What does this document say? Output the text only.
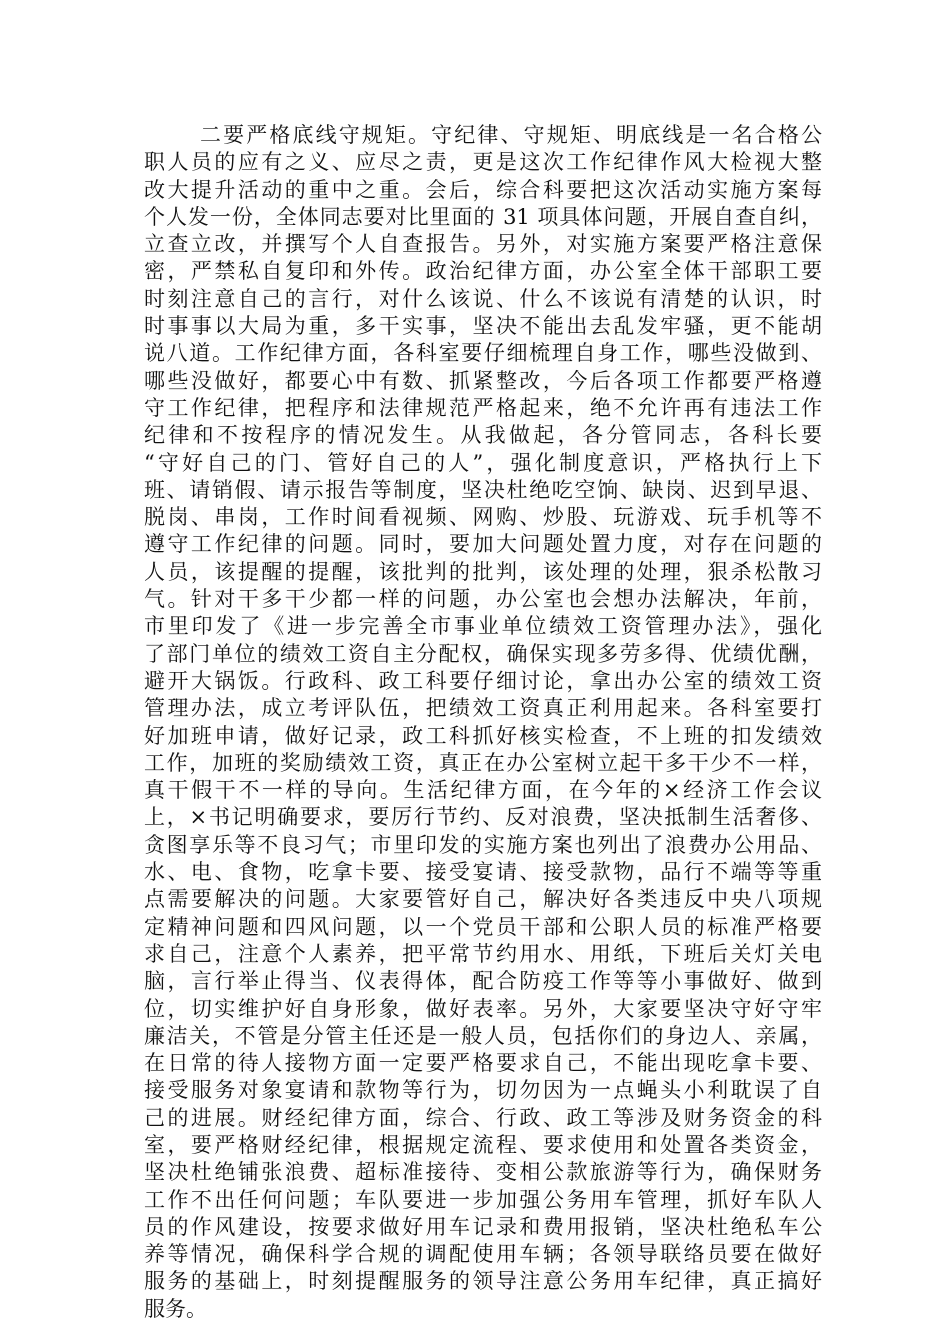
二要严格底线守规矩。守纪律、守规矩、明底线是一名合格公
职人员的应有之义、应尽之责，更是这次工作纪律作风大检视大整
改大提升活动的重中之重。会后，综合科要把这次活动实施方案每
个人发一份，全体同志要对比里面的 31 项具体问题，开展自查自纠，
立查立改，并撰写个人自查报告。另外，对实施方案要严格注意保
密，严禁私自复印和外传。政治纪律方面，办公室全体干部职工要
时刻注意自己的言行，对什么该说、什么不该说有清楚的认识，时
时事事以大局为重，多干实事，坚决不能出去乱发牢骚，更不能胡
说八道。工作纪律方面，各科室要仔细梳理自身工作，哪些没做到、
哪些没做好，都要心中有数、抓紧整改，今后各项工作都要严格遵
守工作纪律，把程序和法律规范严格起来，绝不允许再有违法工作
纪律和不按程序的情况发生。从我做起，各分管同志，各科长要
“守好自己的门、管好自己的人”，强化制度意识，严格执行上下
班、请销假、请示报告等制度，坚决杜绝吃空饷、缺岗、迟到早退、
脱岗、串岗，工作时间看视频、网购、炒股、玩游戏、玩手机等不
遵守工作纪律的问题。同时，要加大问题处置力度，对存在问题的
人员，该提醒的提醒，该批判的批判，该处理的处理，狠杀松散习
气。针对干多干少都一样的问题，办公室也会想办法解决，年前，
市里印发了《进一步完善全市事业单位绩效工资管理办法》，强化
了部门单位的绩效工资自主分配权，确保实现多劳多得、优绩优酬，
避开大锅饭。行政科、政工科要仔细讨论，拿出办公室的绩效工资
管理办法，成立考评队伍，把绩效工资真正利用起来。各科室要打
好加班申请，做好记录，政工科抓好核实检查，不上班的扣发绩效
工作，加班的奖励绩效工资，真正在办公室树立起干多干少不一样，
真干假干不一样的导向。生活纪律方面，在今年的×经济工作会议
上，×书记明确要求，要厉行节约、反对浪费，坚决抵制生活奢侈、
贪图享乐等不良习气；市里印发的实施方案也列出了浪费办公用品、
水、电、食物，吃拿卡要、接受宴请、接受款物，品行不端等等重
点需要解决的问题。大家要管好自己，解决好各类违反中央八项规
定精神问题和四风问题，以一个党员干部和公职人员的标准严格要
求自己，注意个人素养，把平常节约用水、用纸，下班后关灯关电
脑，言行举止得当、仪表得体，配合防疫工作等等小事做好、做到
位，切实维护好自身形象，做好表率。另外，大家要坚决守好守牢
廉洁关，不管是分管主任还是一般人员，包括你们的身边人、亲属，
在日常的待人接物方面一定要严格要求自己，不能出现吃拿卡要、
接受服务对象宴请和款物等行为，切勿因为一点蝇头小利耽误了自
己的进展。财经纪律方面，综合、行政、政工等涉及财务资金的科
室，要严格财经纪律，根据规定流程、要求使用和处置各类资金，
坚决杜绝铺张浪费、超标准接待、变相公款旅游等行为，确保财务
工作不出任何问题；车队要进一步加强公务用车管理，抓好车队人
员的作风建设，按要求做好用车记录和费用报销，坚决杜绝私车公
养等情况，确保科学合规的调配使用车辆；各领导联络员要在做好
服务的基础上，时刻提醒服务的领导注意公务用车纪律，真正搞好
服务。
